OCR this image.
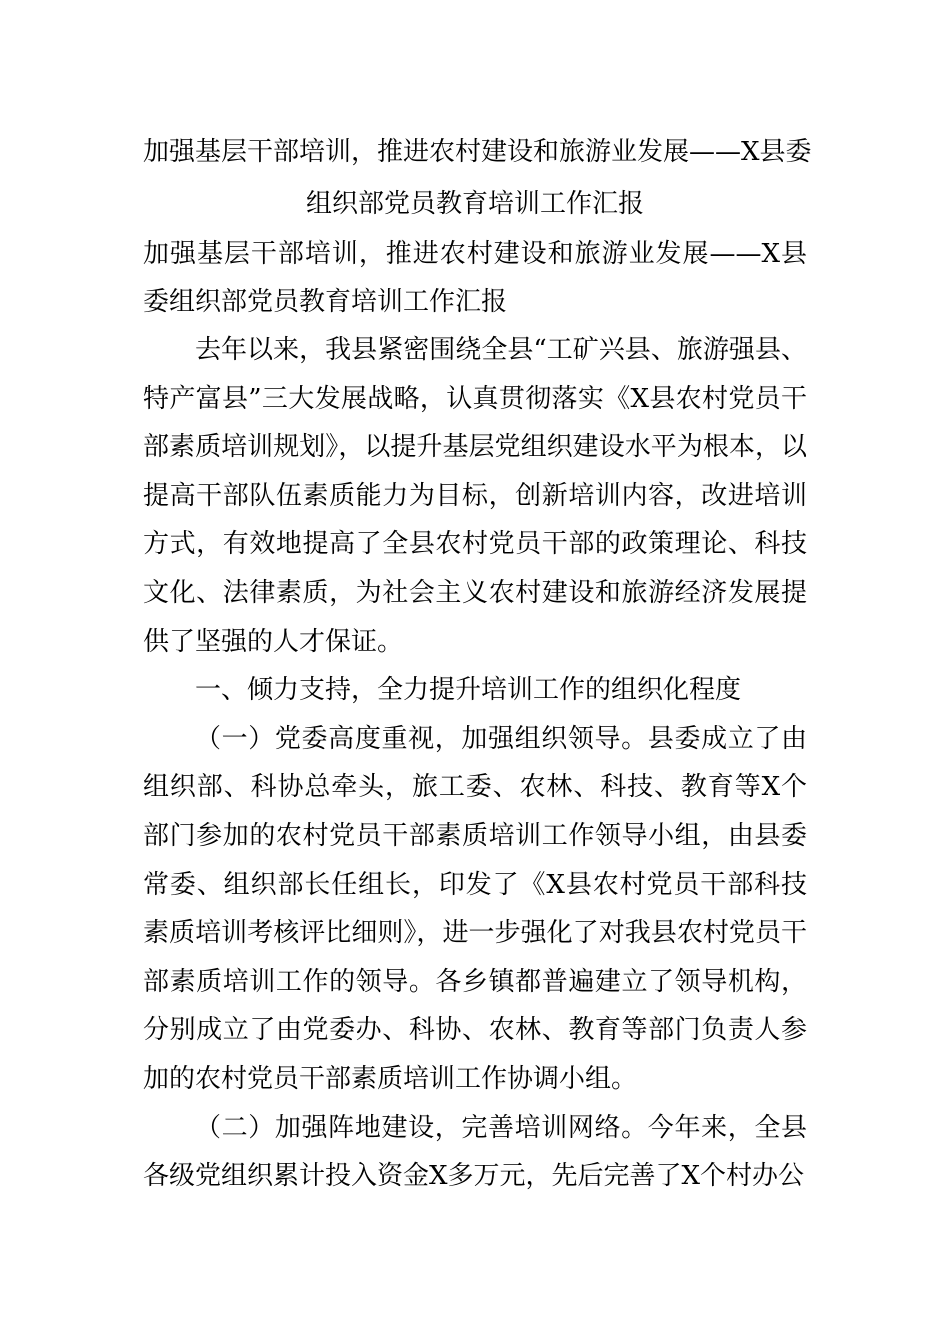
加强基层干部培训，推进农村建设和旅游业发展——X县委
组织部党员教育培训工作汇报

加强基层干部培训，推进农村建设和旅游业发展——X县委组织部党员教育培训工作汇报

去年以来，我县紧密围绕全县“工矿兴县、旅游强县、特产富县”三大发展战略，认真贯彻落实《X县农村党员干部素质培训规划》，以提升基层党组织建设水平为根本，以提高干部队伍素质能力为目标，创新培训内容，改进培训方式，有效地提高了全县农村党员干部的政策理论、科技文化、法律素质，为社会主义农村建设和旅游经济发展提供了坚强的人才保证。

一、倾力支持，全力提升培训工作的组织化程度

（一）党委高度重视，加强组织领导。县委成立了由组织部、科协总牵头，旅工委、农林、科技、教育等X个部门参加的农村党员干部素质培训工作领导小组，由县委常委、组织部长任组长，印发了《X县农村党员干部科技素质培训考核评比细则》，进一步强化了对我县农村党员干部素质培训工作的领导。各乡镇都普遍建立了领导机构，分别成立了由党委办、科协、农林、教育等部门负责人参加的农村党员干部素质培训工作协调小组。

（二）加强阵地建设，完善培训网络。今年来，全县各级党组织累计投入资金X多万元，先后完善了X个村办公
